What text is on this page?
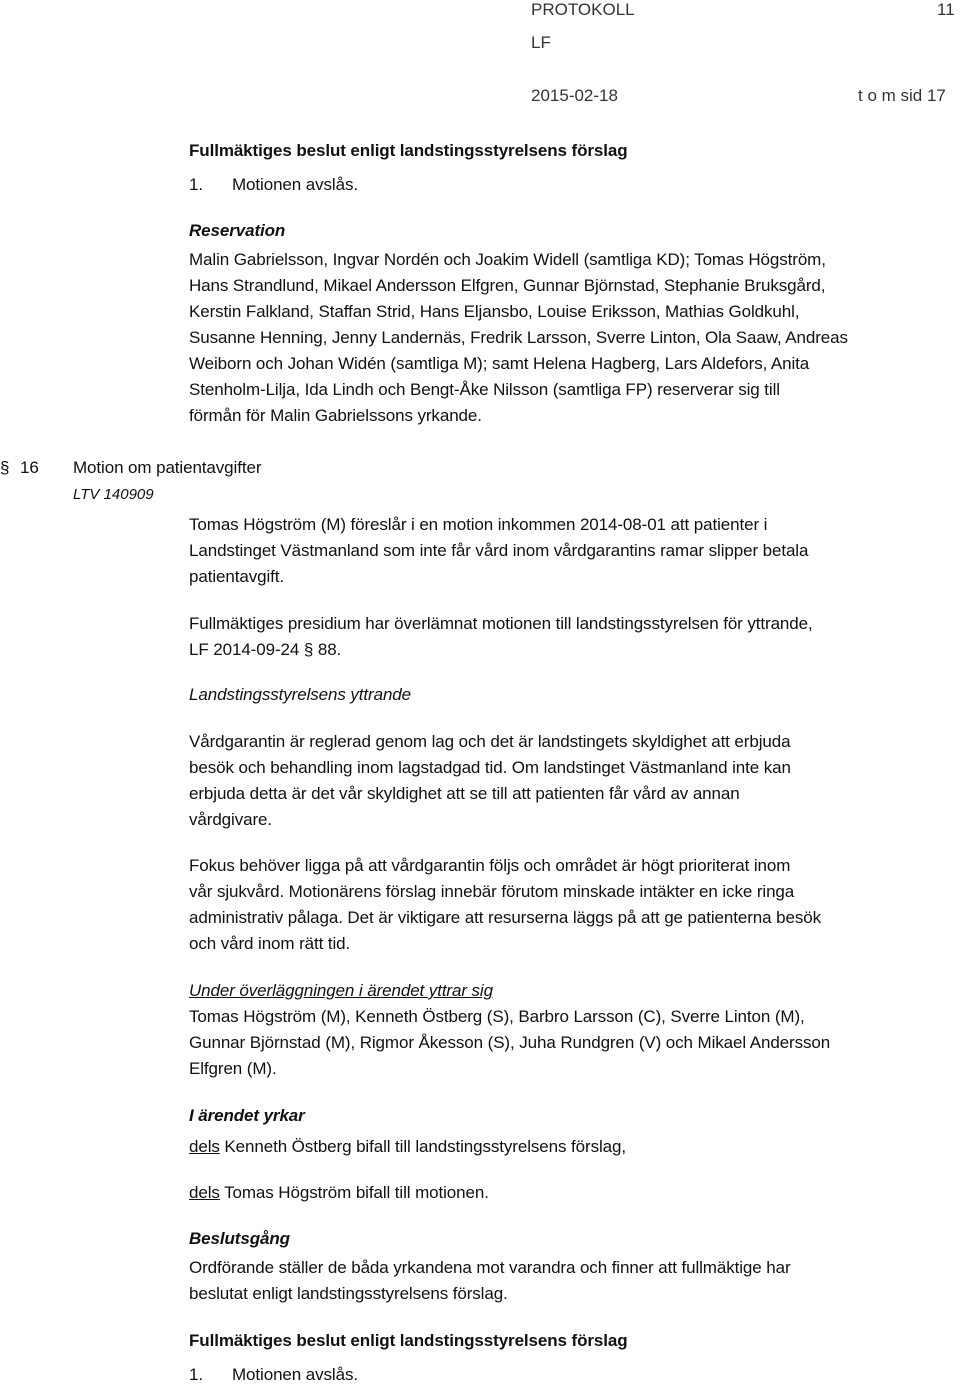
PROTOKOLL	11
LF
2015-02-18	t o m sid 17
Fullmäktiges beslut enligt landstingsstyrelsens förslag
1. Motionen avslås.
Reservation
Malin Gabrielsson, Ingvar Nordén och Joakim Widell (samtliga KD); Tomas Högström,
Hans Strandlund, Mikael Andersson Elfgren, Gunnar Björnstad, Stephanie Bruksgård,
Kerstin Falkland, Staffan Strid, Hans Eljansbo, Louise Eriksson, Mathias Goldkuhl,
Susanne Henning, Jenny Landernäs, Fredrik Larsson, Sverre Linton, Ola Saaw, Andreas
Weiborn och Johan Widén (samtliga M); samt Helena Hagberg, Lars Aldefors, Anita
Stenholm-Lilja, Ida Lindh och Bengt-Åke Nilsson (samtliga FP) reserverar sig till
förmån för Malin Gabrielssons yrkande.
§ 16 Motion om patientavgifter
LTV 140909
Tomas Högström (M) föreslår i en motion inkommen 2014-08-01 att patienter i
Landstinget Västmanland som inte får vård inom vårdgarantins ramar slipper betala
patientavgift.
Fullmäktiges presidium har överlämnat motionen till landstingsstyrelsen för yttrande,
LF 2014-09-24 § 88.
Landstingsstyrelsens yttrande
Vårdgarantin är reglerad genom lag och det är landstingets skyldighet att erbjuda
besök och behandling inom lagstadgad tid. Om landstinget Västmanland inte kan
erbjuda detta är det vår skyldighet att se till att patienten får vård av annan
vårdgivare.
Fokus behöver ligga på att vårdgarantin följs och området är högt prioriterat inom
vår sjukvård. Motionärens förslag innebär förutom minskade intäkter en icke ringa
administrativ pålaga. Det är viktigare att resurserna läggs på att ge patienterna besök
och vård inom rätt tid.
Under överläggningen i ärendet yttrar sig
Tomas Högström (M), Kenneth Östberg (S), Barbro Larsson (C), Sverre Linton (M),
Gunnar Björnstad (M), Rigmor Åkesson (S), Juha Rundgren (V) och Mikael Andersson
Elfgren (M).
I ärendet yrkar
dels Kenneth Östberg bifall till landstingsstyrelsens förslag,
dels Tomas Högström bifall till motionen.
Beslutsgång
Ordförande ställer de båda yrkandena mot varandra och finner att fullmäktige har
beslutat enligt landstingsstyrelsens förslag.
Fullmäktiges beslut enligt landstingsstyrelsens förslag
1. Motionen avslås.
